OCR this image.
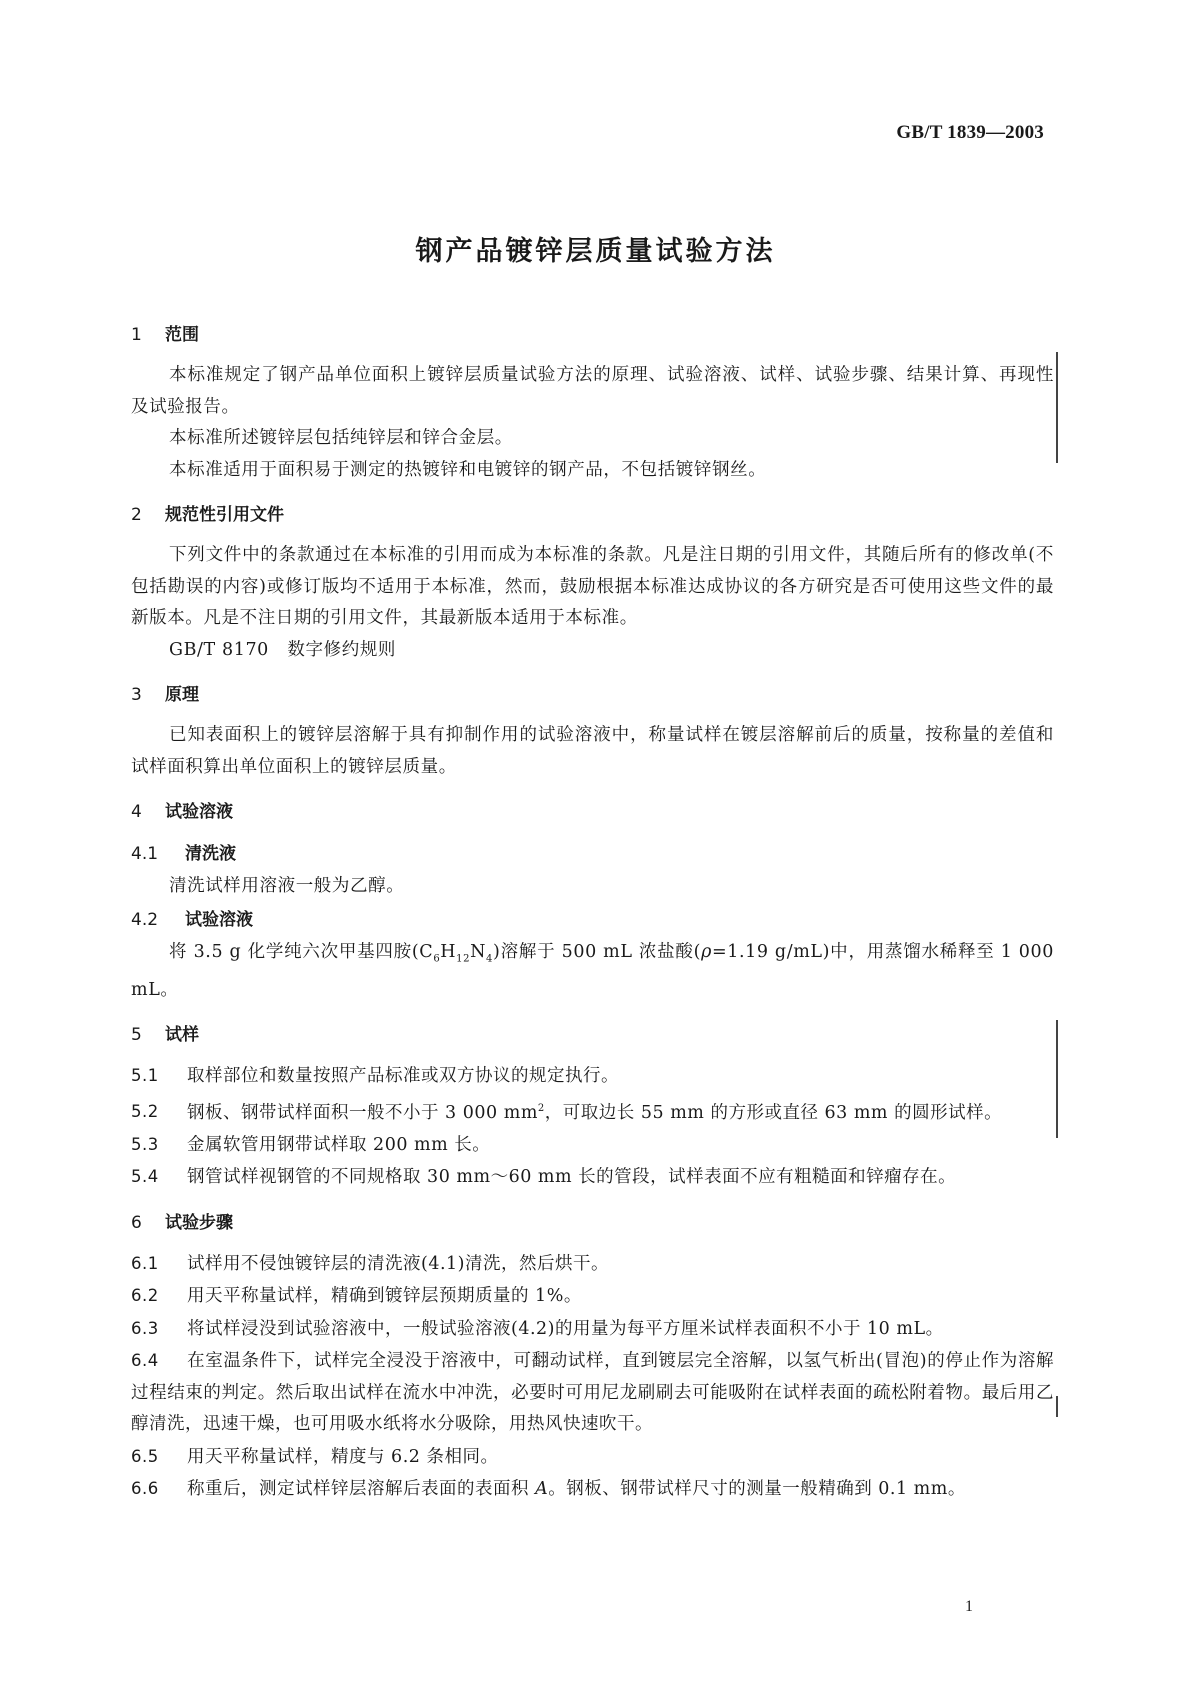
GB/T 1839—2003
钢产品镀锌层质量试验方法
1 范围

本标准规定了钢产品单位面积上镀锌层质量试验方法的原理、试验溶液、试样、试验步骤、结果计算、再现性及试验报告。

本标准所述镀锌层包括纯锌层和锌合金层。
本标准适用于面积易于测定的热镀锌和电镀锌的钢产品，不包括镀锌钢丝。
2 规范性引用文件

下列文件中的条款通过在本标准的引用而成为本标准的条款。凡是注日期的引用文件，其随后所有的修改单(不包括勘误的内容)或修订版均不适用于本标准，然而，鼓励根据本标准达成协议的各方研究是否可使用这些文件的最新版本。凡是不注日期的引用文件，其最新版本适用于本标准。

GB/T 8170 数字修约规则
3 原理

已知表面积上的镀锌层溶解于具有抑制作用的试验溶液中，称量试样在镀层溶解前后的质量，按称量的差值和试样面积算出单位面积上的镀锌层质量。

4 试验溶液
4.1 清洗液
清洗试样用溶液一般为乙醇。
4.2 试验溶液

将 3.5 g 化学纯六次甲基四胺$(C_6H_{12}N_4)$溶解于 500 mL 浓盐酸(ρ=1.19 g/mL)中，用蒸馏水稀释至 1 000 mL。

5 试样
5.1 取样部位和数量按照产品标准或双方协议的规定执行。
5.2 钢板、钢带试样面积一般不小于 3 000 $mm^2$，可取边长 55 mm 的方形或直径 63 mm 的圆形试样。
5.3 金属软管用钢带试样取 200 mm 长。
5.4 钢管试样视钢管的不同规格取 30 mm～60 mm 长的管段，试样表面不应有粗糙面和锌瘤存在。
6 试验步骤
6.1 试样用不侵蚀镀锌层的清洗液(4.1)清洗，然后烘干。
6.2 用天平称量试样，精确到镀锌层预期质量的 1%。
6.3 将试样浸没到试验溶液中，一般试验溶液(4.2)的用量为每平方厘米试样表面积不小于 10 mL。

6.4 在室温条件下，试样完全浸没于溶液中，可翻动试样，直到镀层完全溶解，以氢气析出(冒泡)的停止作为溶解过程结束的判定。然后取出试样在流水中冲洗，必要时可用尼龙刷刷去可能吸附在试样表面的疏松附着物。最后用乙醇清洗，迅速干燥，也可用吸水纸将水分吸除，用热风快速吹干。

6.5 用天平称量试样，精度与 6.2 条相同。
6.6 称重后，测定试样锌层溶解后表面的表面积 A。钢板、钢带试样尺寸的测量一般精确到 0.1 mm。
1
